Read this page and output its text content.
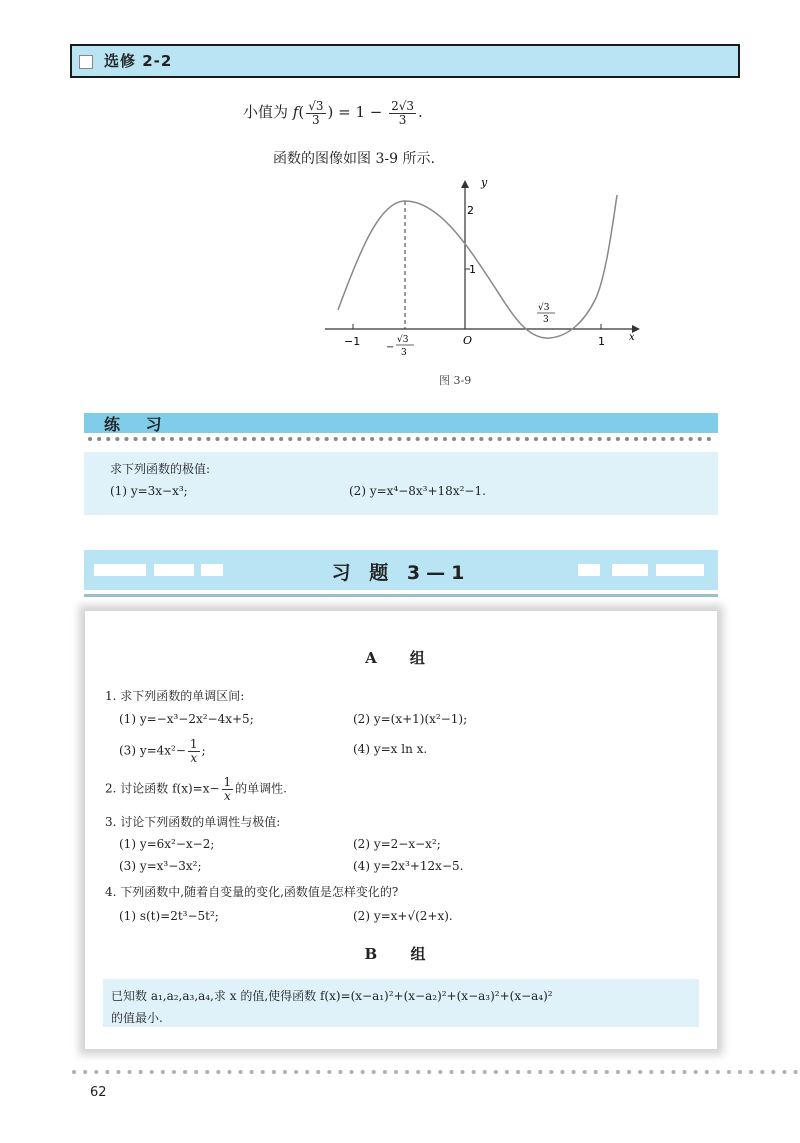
选修 2-2
小值为 $f( \frac{√3}{3}$ ) = $1 - \frac{2√3}{3}$ .
函数的图像如图 3-9 所示.
y
x
2
1
−1	1
O
−
√3
3
√3
3
图 3-9
练 习
求下列函数的极值:
(1) y=3x−x³;	(2) y=x⁴−8x³+18x²−1.
习 题 3—1
A 组
1. 求下列函数的单调区间:
(1) y=−x³−2x²−4x+5;	(2) y=(x+1)(x²−1);
(3) $y=4x^2- \frac{1}{x}$ ;	(4) y=x ln x.
2. 讨论函数 $f(x)=x- \frac{1}{x}$ 的单调性.
3. 讨论下列函数的单调性与极值:
(1) y=6x²−x−2;	(2) y=2−x−x²;
(3) y=x³−3x²;	(4) y=2x³+12x−5.
4. 下列函数中,随着自变量的变化,函数值是怎样变化的?
(1) s(t)=2t³−5t²;	(2) y=x+√(2+x).
B 组
已知数 a₁,a₂,a₃,a₄,求 x 的值,使得函数 f(x)=(x−a₁)²+(x−a₂)²+(x−a₃)²+(x−a₄)²
的值最小.
62
